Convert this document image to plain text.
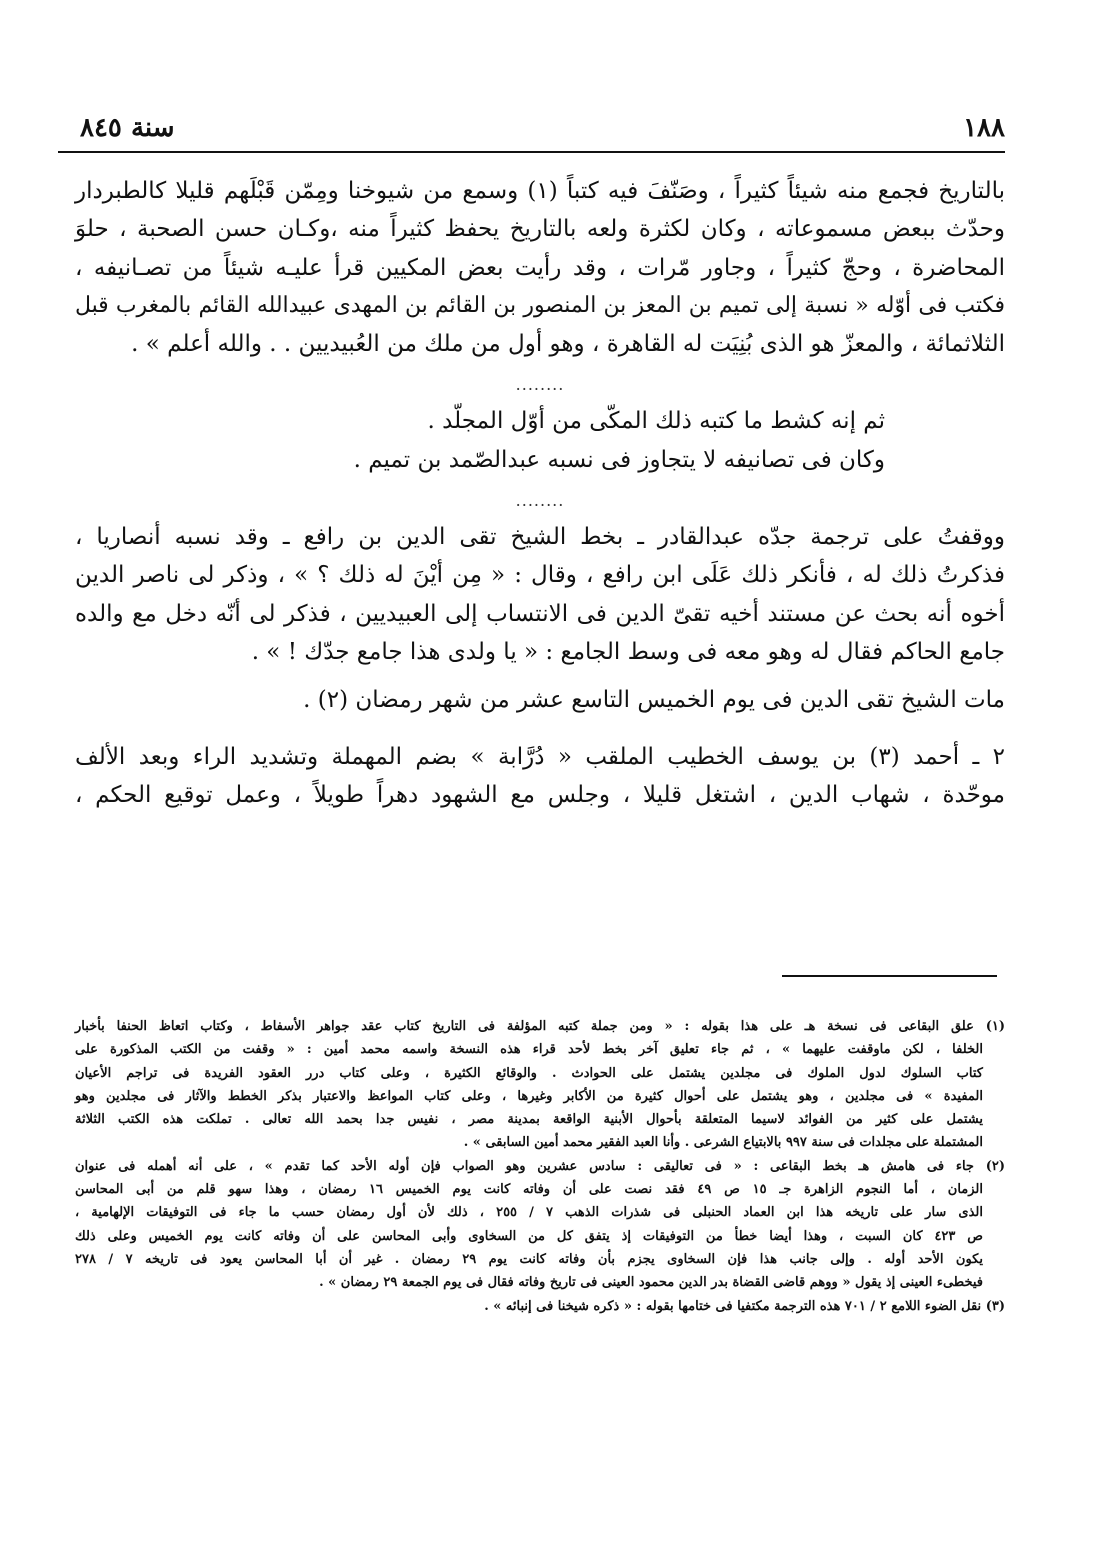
١٨٨
سنة ٨٤٥

بالتاريخ فجمع منه شيئاً كثيراً ، وصَنّفَ فيه كتباً (١) وسمع من شيوخنا ومِمّن قَبْلَهم قليلا كالطبردار
وحدّث ببعض مسموعاته ، وكان لكثرة ولعه بالتاريخ يحفظ كثيراً منه ،وكـان حسن الصحبة ، حلوَ
المحاضرة ، وحجّ كثيراً ، وجاور مّرات ، وقد رأيت بعض المكيين قرأ عليـه شيئاً من تصـانيفه ،
فكتب فى أوّله « نسبة إلى تميم بن المعز بن المنصور بن القائم بن المهدى عبيدالله القائم بالمغرب قبل
الثلاثمائة ، والمعزّ هو الذى بُنِيَت له القاهرة ، وهو أول من ملك من العُبيديين . . والله أعلم » .

........

ثم إنه كشط ما كتبه ذلك المكّى من أوّل المجلّد .
وكان فى تصانيفه لا يتجاوز فى نسبه عبدالصّمد بن تميم .

........

ووقفتُ على ترجمة جدّه عبدالقادر ـ بخط الشيخ تقى الدين بن رافع ـ وقد نسبه أنصاريا ،
فذكرتُ ذلك له ، فأنكر ذلك عَلَى ابن رافع ، وقال : « مِن أيْنَ له ذلك ؟ » ، وذكر لى ناصر الدين
أخوه أنه بحث عن مستند أخيه تقىّ الدين فى الانتساب إلى العبيديين ، فذكر لى أنّه دخل مع والده
جامع الحاكم فقال له وهو معه فى وسط الجامع : « يا ولدى هذا جامع جدّك ! » .

مات الشيخ تقى الدين فى يوم الخميس التاسع عشر من شهر رمضان (٢) .

٢ ـ أحمد (٣) بن يوسف الخطيب الملقب « دُرَّابة » بضم المهملة وتشديد الراء وبعد الألف
موحّدة ، شهاب الدين ، اشتغل قليلا ، وجلس مع الشهود دهراً طويلاً ، وعمل توقيع الحكم ،

(١) علق البقاعى فى نسخة هـ على هذا بقوله : « ومن جملة كتبه المؤلفة فى التاريخ كتاب عقد جواهر الأسفاط ، وكتاب اتعاظ الحنفا بأخبار
الخلفا ، لكن ماوقفت عليهما » ، ثم جاء تعليق آخر بخط لأحد قراء هذه النسخة واسمه محمد أمين : « وقفت من الكتب المذكورة على
كتاب السلوك لدول الملوك فى مجلدين يشتمل على الحوادث . والوقائع الكثيرة ، وعلى كتاب درر العقود الفريدة فى تراجم الأعيان
المفيدة » فى مجلدين ، وهو يشتمل على أحوال كثيرة من الأكابر وغيرها ، وعلى كتاب المواعظ والاعتبار بذكر الخطط والآثار فى مجلدين وهو
يشتمل على كثير من الفوائد لاسيما المتعلقة بأحوال الأبنية الواقعة بمدينة مصر ، نفيس جدا بحمد الله تعالى . تملكت هذه الكتب الثلاثة
المشتملة على مجلدات فى سنة ٩٩٧ بالابتياع الشرعى . وأنا العبد الفقير محمد أمين السابقى » .

(٢) جاء فى هامش هـ بخط البقاعى : « فى تعاليقى : سادس عشرين وهو الصواب فإن أوله الأحد كما تقدم » ، على أنه أهمله فى عنوان
الزمان ، أما النجوم الزاهرة جـ ١٥ ص ٤٩ فقد نصت على أن وفاته كانت يوم الخميس ١٦ رمضان ، وهذا سهو قلم من أبى المحاسن
الذى سار على تاريخه هذا ابن العماد الحنبلى فى شذرات الذهب ٧ / ٢٥٥ ، ذلك لأن أول رمضان حسب ما جاء فى التوفيقات الإلهامية ،
ص ٤٢٣ كان السبت ، وهذا أيضا خطأ من التوفيقات إذ يتفق كل من السخاوى وأبى المحاسن على أن وفاته كانت يوم الخميس وعلى ذلك
يكون الأحد أوله . وإلى جانب هذا فإن السخاوى يجزم بأن وفاته كانت يوم ٢٩ رمضان . غير أن أبا المحاسن يعود فى تاريخه ٧ / ٢٧٨
فيخطىء العينى إذ يقول « ووهم قاضى القضاة بدر الدين محمود العينى فى تاريخ وفاته فقال فى يوم الجمعة ٢٩ رمضان » .

(٣) نقل الضوء اللامع ٢ / ٧٠١ هذه الترجمة مكتفيا فى ختامها بقوله : « ذكره شيخنا فى إنبائه » .
